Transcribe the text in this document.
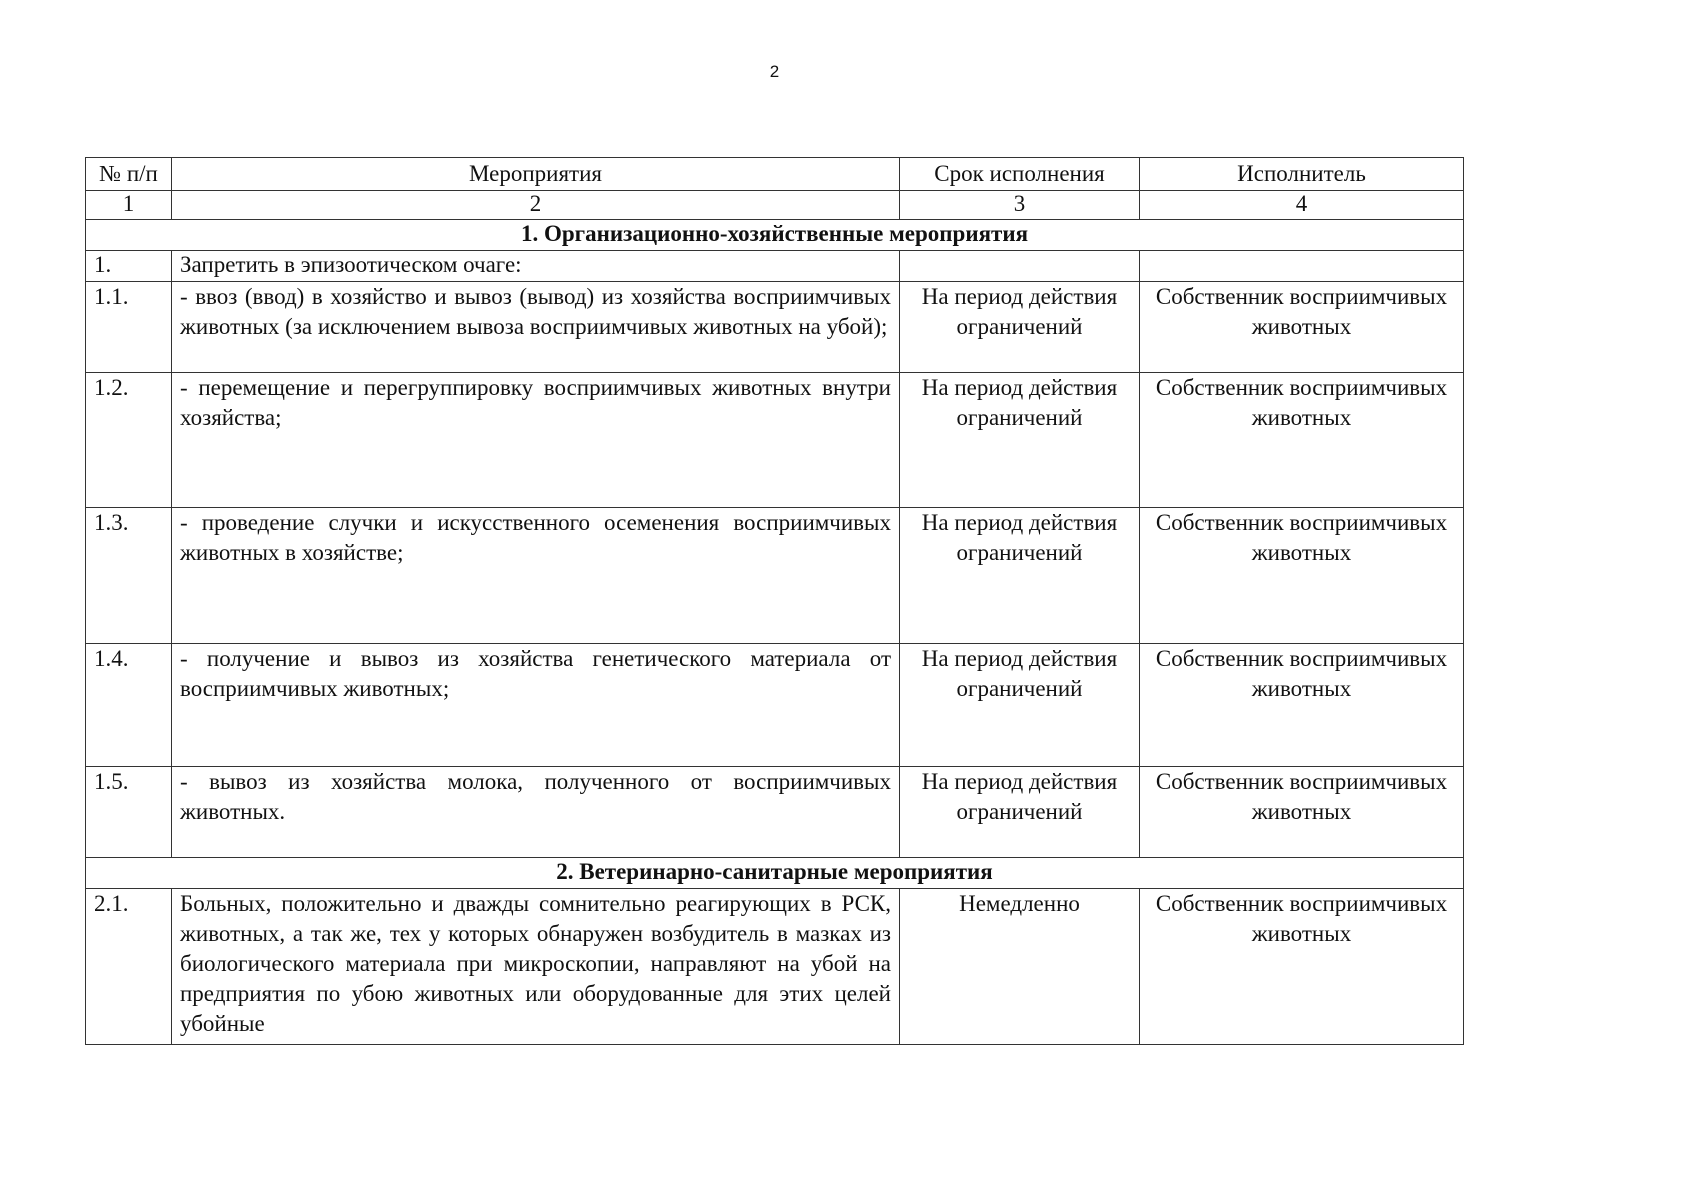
2
№ п/п	Мероприятия	Срок исполнения	Исполнитель
1	2	3	4
1. Организационно-хозяйственные мероприятия			
1.	Запретить в эпизоотическом очаге:		
1.1.	- ввоз (ввод) в хозяйство и вывоз (вывод) из хозяйства восприимчивых животных (за исключением вывоза восприимчивых животных на убой);	На период действия ограничений	Собственник восприимчивых животных
1.2.	- перемещение и перегруппировку восприимчивых животных внутри хозяйства;	На период действия ограничений	Собственник восприимчивых животных
1.3.	- проведение случки и искусственного осеменения восприимчивых животных в хозяйстве;	На период действия ограничений	Собственник восприимчивых животных
1.4.	- получение и вывоз из хозяйства генетического материала от восприимчивых животных;	На период действия ограничений	Собственник восприимчивых животных
1.5.	- вывоз из хозяйства молока, полученного от восприимчивых животных.	На период действия ограничений	Собственник восприимчивых животных
2. Ветеринарно-санитарные мероприятия			
2.1.	Больных, положительно и дважды сомнительно реагирующих в РСК, животных, а так же, тех у которых обнаружен возбудитель в мазках из биологического материала при микроскопии, направляют на убой на предприятия по убою животных или оборудованные для этих целей убойные	Немедленно	Собственник восприимчивых животных
